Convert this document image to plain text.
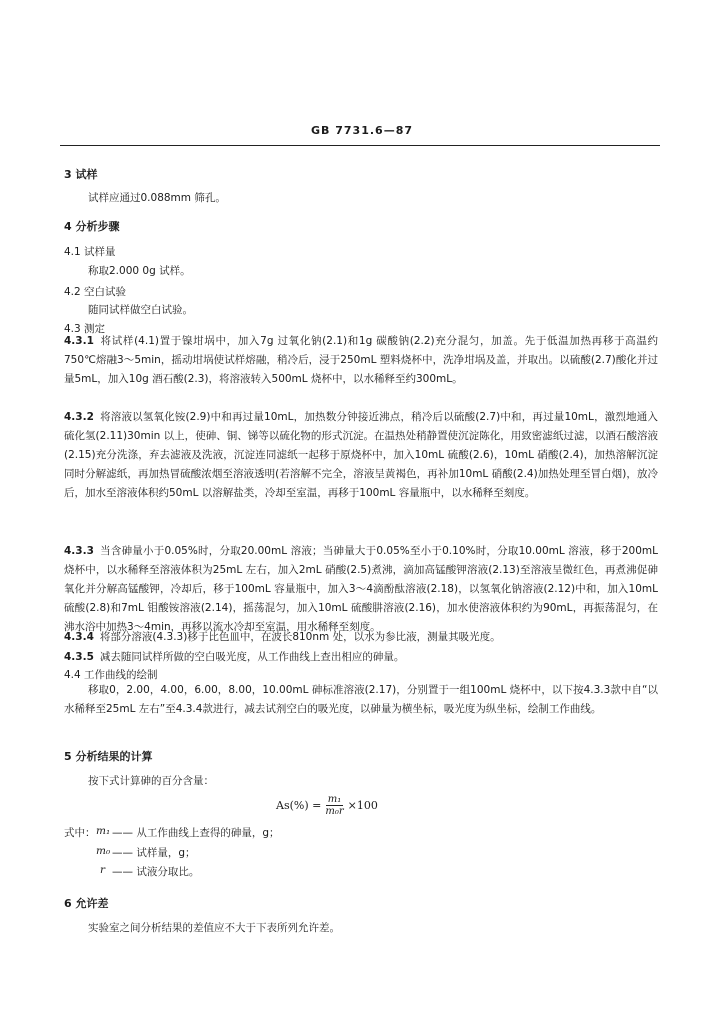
GB 7731.6—87
3 试样
试样应通过0.088mm 筛孔。
4 分析步骤
4.1 试样量
称取2.000 0g 试样。
4.2 空白试验
随同试样做空白试验。
4.3 测定
4.3.1 将试样(4.1)置于镍坩埚中，加入7g 过氧化钠(2.1)和1g 碳酸钠(2.2)充分混匀，加盖。先于低温加热再移于高温约750℃熔融3～5min，摇动坩埚使试样熔融，稍冷后，浸于250mL 塑料烧杯中，洗净坩埚及盖，并取出。以硫酸(2.7)酸化并过量5mL，加入10g 酒石酸(2.3)，将溶液转入500mL 烧杯中，以水稀释至约300mL。
4.3.2 将溶液以氢氧化铵(2.9)中和再过量10mL，加热数分钟接近沸点，稍冷后以硫酸(2.7)中和，再过量10mL，激烈地通入硫化氢(2.11)30min 以上，使砷、铜、锑等以硫化物的形式沉淀。在温热处稍静置使沉淀陈化，用致密滤纸过滤，以酒石酸溶液(2.15)充分洗涤，弃去滤液及洗液，沉淀连同滤纸一起移于原烧杯中，加入10mL 硫酸(2.6)，10mL 硝酸(2.4)，加热溶解沉淀同时分解滤纸，再加热冒硫酸浓烟至溶液透明(若溶解不完全，溶液呈黄褐色，再补加10mL 硝酸(2.4)加热处理至冒白烟)，放冷后，加水至溶液体积约50mL 以溶解盐类，冷却至室温，再移于100mL 容量瓶中，以水稀释至刻度。
4.3.3 当含砷量小于0.05%时，分取20.00mL 溶液；当砷量大于0.05%至小于0.10%时，分取10.00mL 溶液，移于200mL 烧杯中，以水稀释至溶液体积为25mL 左右，加入2mL 硝酸(2.5)煮沸，滴加高锰酸钾溶液(2.13)至溶液呈微红色，再煮沸促砷氧化并分解高锰酸钾，冷却后，移于100mL 容量瓶中，加入3～4滴酚酞溶液(2.18)，以氢氧化钠溶液(2.12)中和，加入10mL 硫酸(2.8)和7mL 钼酸铵溶液(2.14)，摇荡混匀，加入10mL 硫酸肼溶液(2.16)，加水使溶液体积约为90mL，再振荡混匀，在沸水浴中加热3～4min，再移以流水冷却至室温，用水稀释至刻度。
4.3.4 将部分溶液(4.3.3)移于比色皿中，在波长810nm 处，以水为参比液，测量其吸光度。
4.3.5 减去随同试样所做的空白吸光度，从工作曲线上查出相应的砷量。
4.4 工作曲线的绘制
移取0，2.00，4.00，6.00，8.00，10.00mL 砷标准溶液(2.17)，分别置于一组100mL 烧杯中，以下按4.3.3款中自“以水稀释至25mL 左右”至4.3.4款进行，减去试剂空白的吸光度，以砷量为横坐标，吸光度为纵坐标，绘制工作曲线。
5 分析结果的计算
按下式计算砷的百分含量：
$As(\%) = \frac{\text{m₁}}{\text{m₀r}} \times 100$
式中： m₁ —— 从工作曲线上查得的砷量，g；
m₀ —— 试样量，g；
r —— 试液分取比。
6 允许差
实验室之间分析结果的差值应不大于下表所列允许差。
